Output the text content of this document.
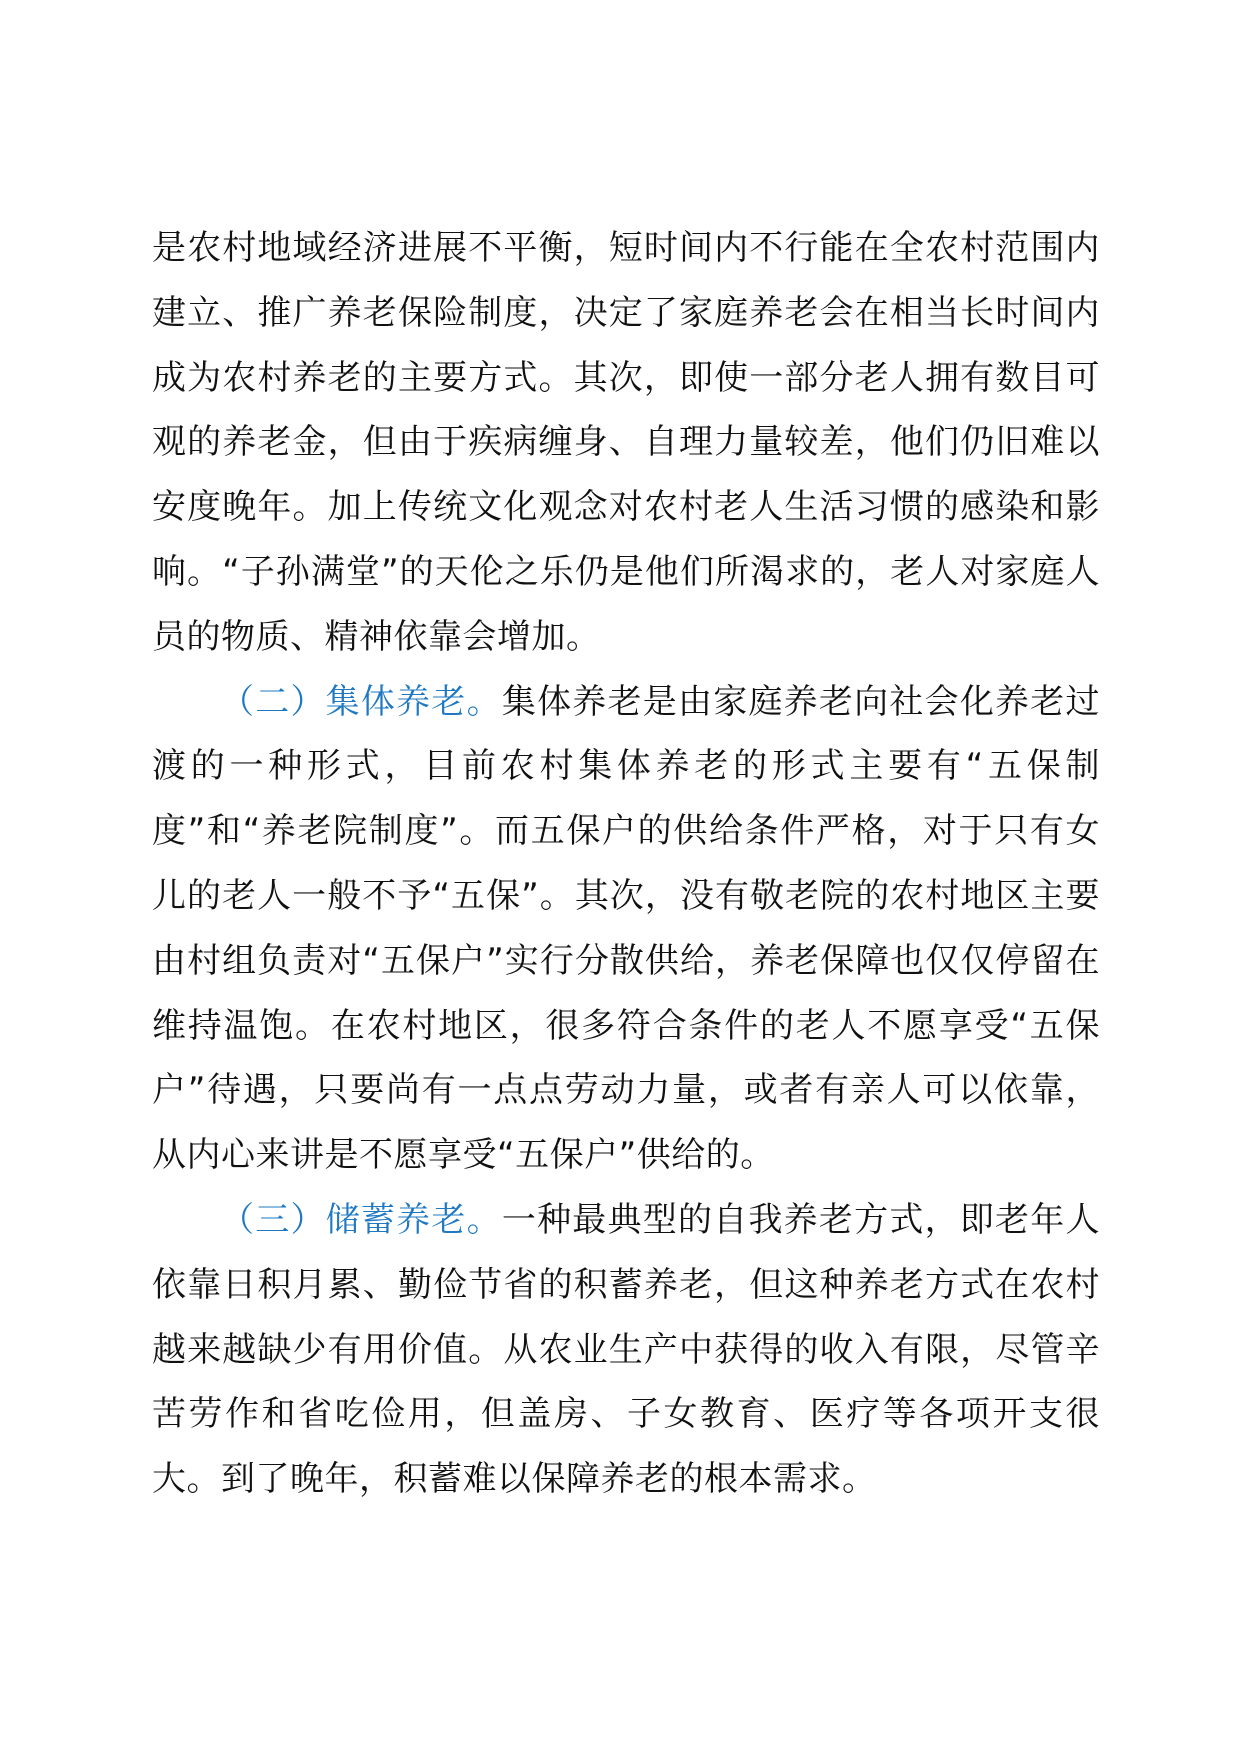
是农村地域经济进展不平衡，短时间内不行能在全农村范围内建立、推广养老保险制度，决定了家庭养老会在相当长时间内成为农村养老的主要方式。其次，即使一部分老人拥有数目可观的养老金，但由于疾病缠身、自理力量较差，他们仍旧难以安度晚年。加上传统文化观念对农村老人生活习惯的感染和影响。“子孙满堂”的天伦之乐仍是他们所渴求的，老人对家庭人员的物质、精神依靠会增加。

（二）集体养老。集体养老是由家庭养老向社会化养老过渡的一种形式，目前农村集体养老的形式主要有“五保制度”和“养老院制度”。而五保户的供给条件严格，对于只有女儿的老人一般不予“五保”。其次，没有敬老院的农村地区主要由村组负责对“五保户”实行分散供给，养老保障也仅仅停留在维持温饱。在农村地区，很多符合条件的老人不愿享受“五保户”待遇，只要尚有一点点劳动力量，或者有亲人可以依靠，从内心来讲是不愿享受“五保户”供给的。

（三）储蓄养老。一种最典型的自我养老方式，即老年人依靠日积月累、勤俭节省的积蓄养老，但这种养老方式在农村越来越缺少有用价值。从农业生产中获得的收入有限，尽管辛苦劳作和省吃俭用，但盖房、子女教育、医疗等各项开支很大。到了晚年，积蓄难以保障养老的根本需求。
